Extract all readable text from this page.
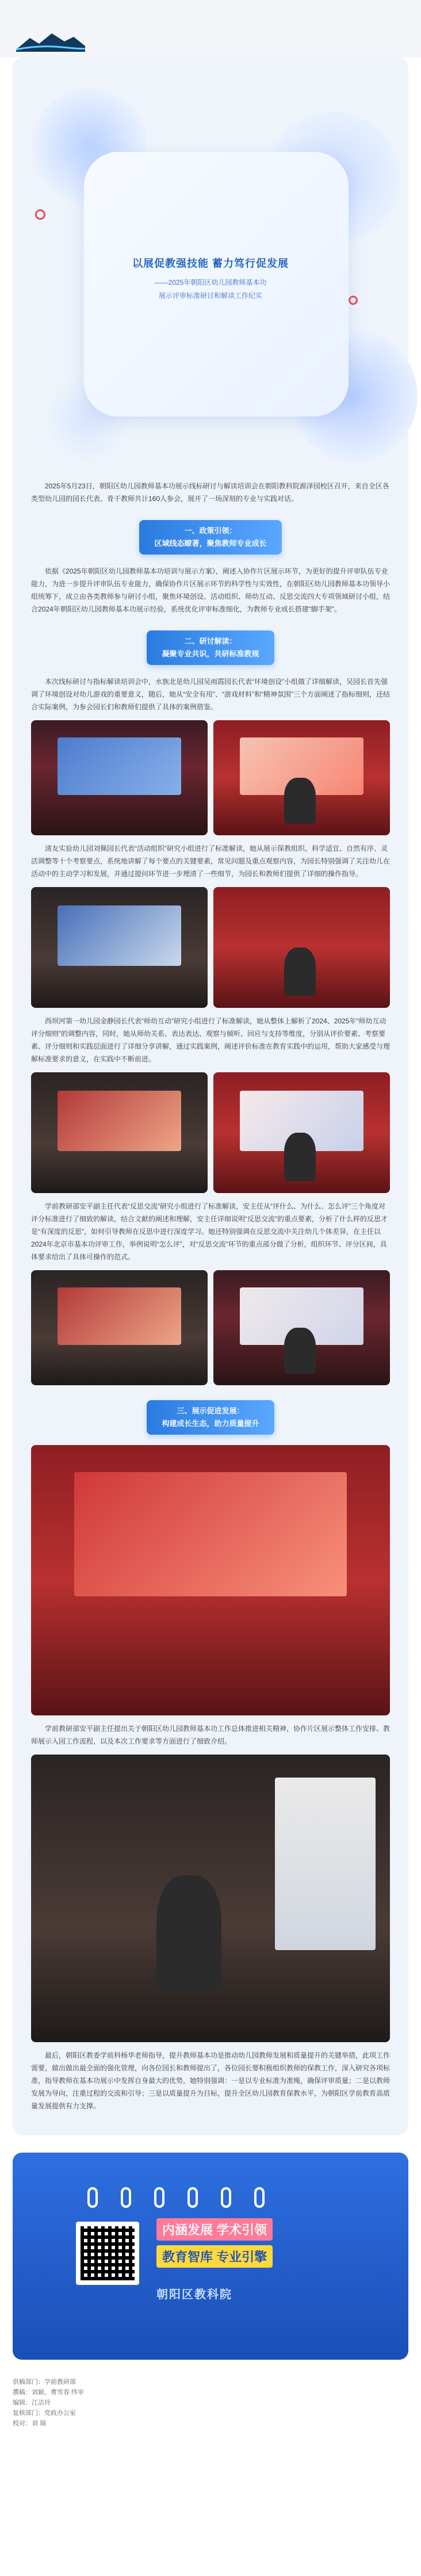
以展促教强技能 蓄力笃行促发展
——2025年朝阳区幼儿园教师基本功
展示评审标准研讨和解读工作纪实

2025年5月23日，朝阳区幼儿园教师基本功展示线标研讨与解读培训会在朝阳教科院源泽园校区召开，来自全区各类型幼儿园的园长代表、骨干教师共计160人参会，展开了一场深刻的专业与实践对话。

一、政策引领：
区域线态瞭著，聚焦教师专业成长

依据《2025年朝阳区幼儿园教师基本功培训与展示方案》，阐述入协作片区展示环节，为更好的提升评审队伍专业能力，为进一步提升评审队伍专业能力，确保协作片区展示环节的科学性与实效性，在朝阳区幼儿园教师基本功领导小组统筹下，成立由各类教师参与研讨小组，聚焦环境创设、活动组织、师幼互动、反思交流四大专项领域研讨小组，结合2024年朝阳区幼儿园教师基本功展示经验，系统优化评审标准细化，为教师专业成长搭建“脚手架”。

二、研讨解读：
凝聚专业共识，共研标准教规

本次线标研讨与指标解读培训会中，水族北是幼儿园吴雨霞园长代表“环境创设”小组做了详细解读，吴园长首先强调了环境创设对幼儿游戏的重要意义，随后，她从“安全有用”、“游戏材料”和“精神氛围”三个方面阐述了指标细则，还结合实际案例，为参会园长们和教师们提供了具体的案例借鉴。

清友实验幼儿园刘佩园长代表“活动组织”研究小组进行了标准解读，她从展示保教组织、科学适宜、自然有序、灵活调整等十个考察要点，系统地讲解了每个要点的关键要素，常见问题及重点观察内容，为园长特别强调了关注幼儿在活动中的主动学习和发展，并通过提问环节进一步理清了一些细节，为园长和教师们提供了详细的操作指导。

西坝河第一幼儿园金静园长代表“师幼互动”研究小组进行了标准解读，她从整体上解析了2024、2025年“师幼互动评分细则”的调整内容，同时，她从师幼关系、表达表达、观察与倾听、回应与支持等维度，分别从评价要素、考察要素、评分细则和实践层面进行了详细分享讲解，通过实践案例，阐述评价标准在教育实践中的运用，帮助大家感受与理解标准要求的意义，在实践中不断前进。

学前教研部安平副主任代表“反思交流”研究小组进行了标准解读，安主任从“评什么、为什么、怎么评”三个角度对评分标准进行了细致的解读，结合文献的阐述和理解，安主任详细说明“反思交流”的重点要素，分析了什么样的反思才是“有深度的反思”，如何引导教师在反思中进行深度学习。她还特别强调在反思交流中关注幼儿个体差异，在主任以2024年北京市基本功评审工作，举例说明“怎么评”，对“反思交流”环节的重点部分做了分析，组织环节、评分区间，具体要求给出了具体可操作的范式。

三、展示促进发展：
构建成长生态，助力质量提升

学前教研部安平副主任提出关于朝阳区幼儿园教师基本功工作总体推进相关精神，协作片区展示整体工作安排、教师展示入园工作流程，以及本次工作要求等方面进行了细致介绍。

最后，朝阳区教委学前科杨华老师指导，提升教师基本功是推动幼儿园教师发展和质量提升的关键举措，此项工作需要，做出做出最全面的强化管理，向各位园长和教师提出了，各位园长要积极组织教师的保教工作，深入研究各项标准，指导教师在基本功展示中发挥自身最大的优势，她特别强调：一是以专业标准为准绳，确保评审质量；二是以教师发展为导向，注重过程的交流和引导；三是以质量提升为目标，提升全区幼儿园教育保教水平，为朝阳区学前教育高质量发展提供有力支撑。

内涵发展 学术引领 教育智库 专业引擎
朝阳区教科院
供稿部门：学前教研部
撰稿：刘颖、曹雪春 终审
编辑：江洁玲
复核部门：党政办公室
校对：刘 瑞
